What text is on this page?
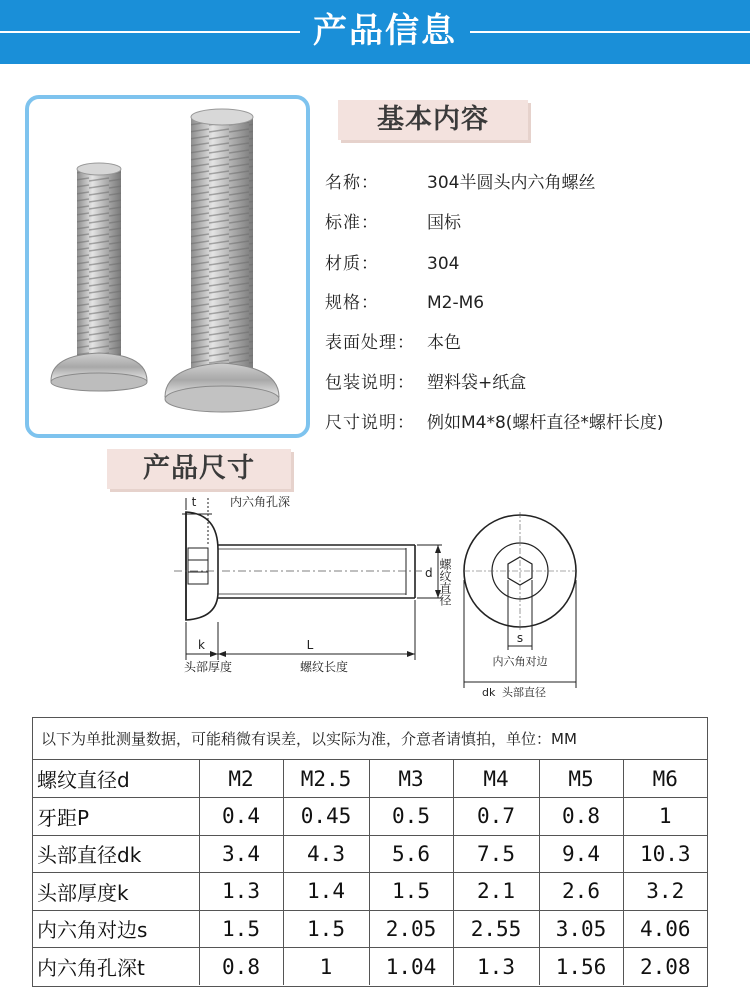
产品信息
基本内容
名称：	304半圆头内六角螺丝
标准：	国标
材质：	304
规格：	M2-M6
表面处理： 本色
包装说明： 塑料袋+纸盒
尺寸说明： 例如M4*8(螺杆直径*螺杆长度)
产品尺寸
t	内六角孔深
k	L
头部厚度	螺纹长度
d 螺纹直径
s
内六角对边
dk 头部直径
以下为单批测量数据，可能稍微有误差，以实际为准，介意者请慎拍，单位：MM
螺纹直径d	M2	M2.5	M3	M4	M5	M6
牙距P	0.4	0.45	0.5	0.7	0.8	1
头部直径dk	3.4	4.3	5.6	7.5	9.4	10.3
头部厚度k	1.3	1.4	1.5	2.1	2.6	3.2
内六角对边s	1.5	1.5	2.05	2.55	3.05	4.06
内六角孔深t	0.8	1	1.04	1.3	1.56	2.08
